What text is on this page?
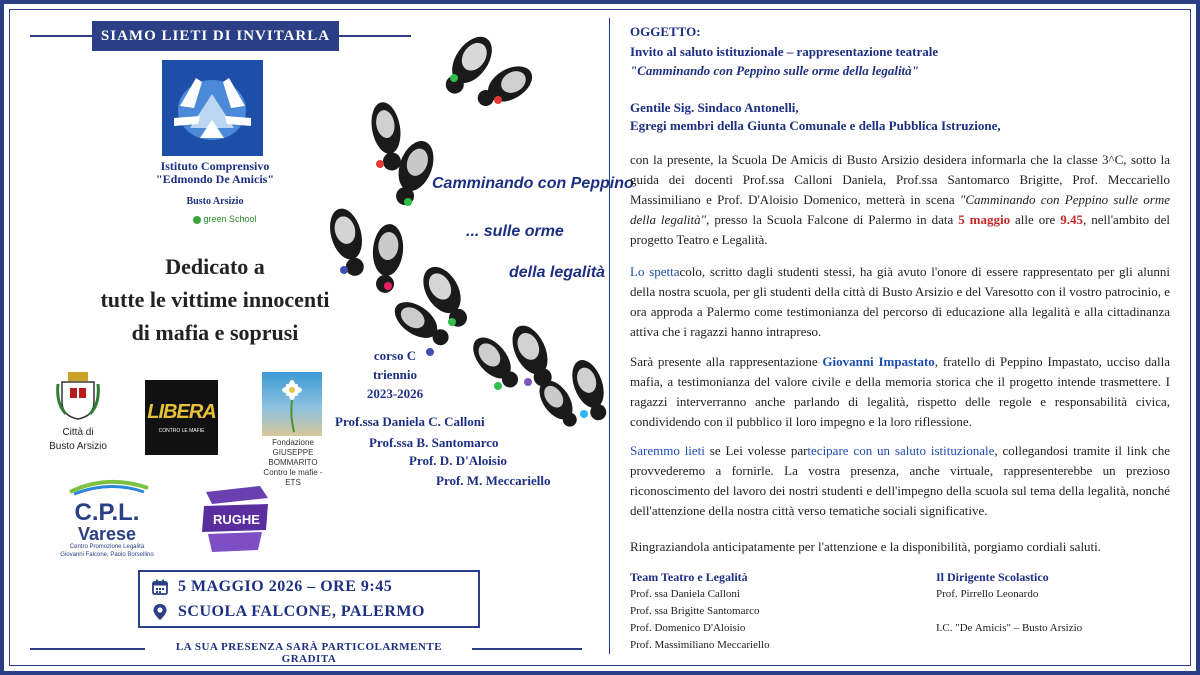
SIAMO LIETI DI INVITARLA
Istituto Comprensivo
"Edmondo De Amicis"
Busto Arsizio
green School
Dedicato a
tutte le vittime innocenti
di mafia e soprusi
Città di
Busto Arsizio
LIBERA
CONTRO LE MAFIE
Fondazione
GIUSEPPE BOMMARITO
Contro le mafie - ETS
C.P.L.
Varese
Centro Promozione Legalità
Giovanni Falcone, Paolo Borsellino
RUGHE
Camminando con Peppino
... sulle orme
della legalità
corso C
triennio
2023-2026
Prof.ssa Daniela C. Calloni
Prof.ssa B. Santomarco
Prof. D. D'Aloisio
Prof. M. Meccariello
5 MAGGIO 2026 – ORE 9:45
SCUOLA FALCONE, PALERMO
LA SUA PRESENZA SARÀ PARTICOLARMENTE GRADITA
OGGETTO:
Invito al saluto istituzionale – rappresentazione teatrale
"Camminando con Peppino sulle orme della legalità"
Gentile Sig. Sindaco Antonelli,
Egregi membri della Giunta Comunale e della Pubblica Istruzione,
con la presente, la Scuola De Amicis di Busto Arsizio desidera informarla che la classe 3^C, sotto la guida dei docenti Prof.ssa Calloni Daniela, Prof.ssa Santomarco Brigitte, Prof. Meccariello Massimiliano e Prof. D'Aloisio Domenico, metterà in scena "Camminando con Peppino sulle orme della legalità", presso la Scuola Falcone di Palermo in data 5 maggio alle ore 9.45, nell'ambito del progetto Teatro e Legalità.
Lo spettacolo, scritto dagli studenti stessi, ha già avuto l'onore di essere rappresentato per gli alunni della nostra scuola, per gli studenti della città di Busto Arsizio e del Varesotto con il vostro patrocinio, e ora approda a Palermo come testimonianza del percorso di educazione alla legalità e alla cittadinanza attiva che i ragazzi hanno intrapreso.
Sarà presente alla rappresentazione Giovanni Impastato, fratello di Peppino Impastato, ucciso dalla mafia, a testimonianza del valore civile e della memoria storica che il progetto intende trasmettere. I ragazzi interverranno anche parlando di legalità, rispetto delle regole e responsabilità civica, condividendo con il pubblico il loro impegno e la loro riflessione.
Saremmo lieti se Lei volesse partecipare con un saluto istituzionale, collegandosi tramite il link che provvederemo a fornirle. La vostra presenza, anche virtuale, rappresenterebbe un prezioso riconoscimento del lavoro dei nostri studenti e dell'impegno della scuola sul tema della legalità, nonché dell'attenzione della nostra città verso tematiche sociali significative.
Ringraziandola anticipatamente per l'attenzione e la disponibilità, porgiamo cordiali saluti.
Team Teatro e Legalità
Prof. ssa Daniela Calloni
Prof. ssa Brigitte Santomarco
Prof. Domenico D'Aloisio
Prof. Massimiliano Meccariello
Il Dirigente Scolastico
Prof. Pirrello Leonardo
I.C. "De Amicis" – Busto Arsizio
